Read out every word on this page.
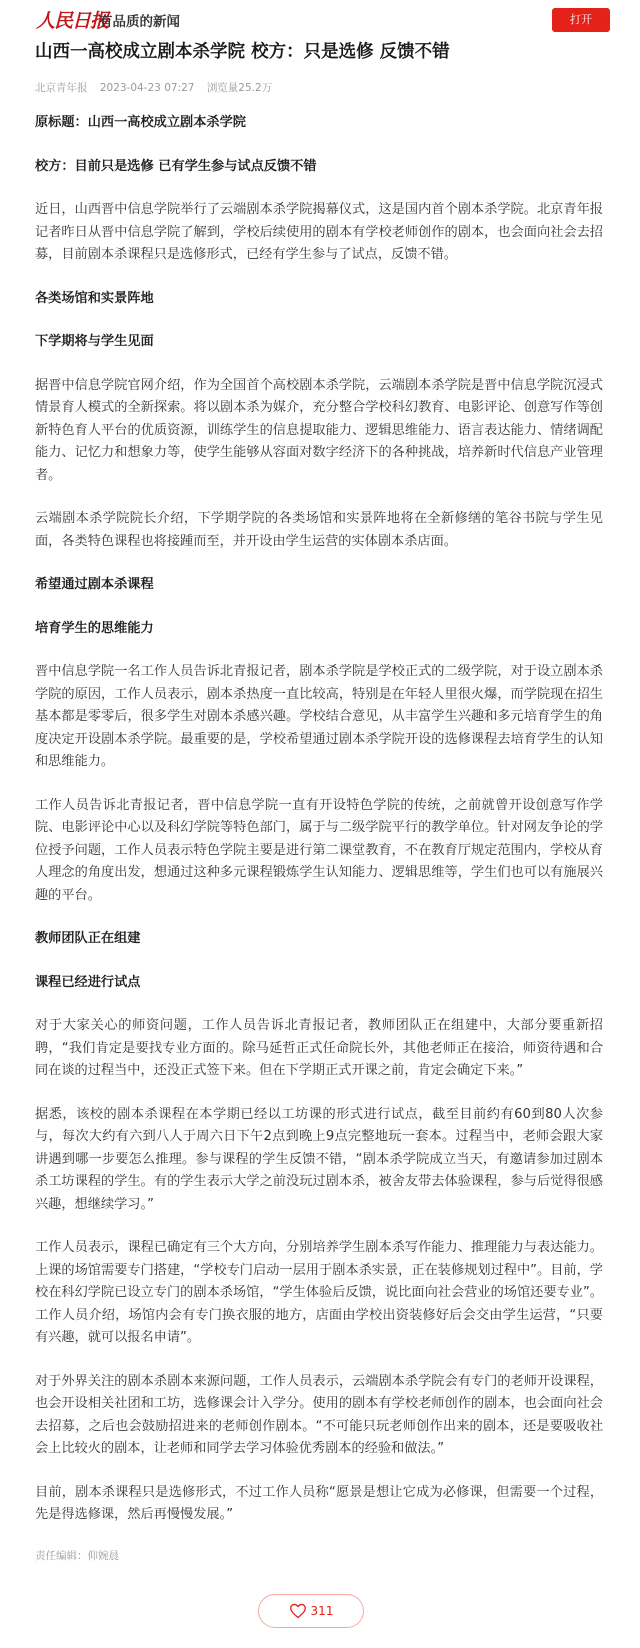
人民日报
有品质的新闻	打开
山西一高校成立剧本杀学院 校方：只是选修 反馈不错
北京青年报 2023-04-23 07:27 浏览量25.2万

原标题：山西一高校成立剧本杀学院

校方：目前只是选修 已有学生参与试点反馈不错

近日，山西晋中信息学院举行了云端剧本杀学院揭幕仪式，这是国内首个剧本杀学院。北京青年报记者昨日从晋中信息学院了解到，学校后续使用的剧本有学校老师创作的剧本，也会面向社会去招募，目前剧本杀课程只是选修形式，已经有学生参与了试点，反馈不错。

各类场馆和实景阵地

下学期将与学生见面

据晋中信息学院官网介绍，作为全国首个高校剧本杀学院，云端剧本杀学院是晋中信息学院沉浸式情景育人模式的全新探索。将以剧本杀为媒介，充分整合学校科幻教育、电影评论、创意写作等创新特色育人平台的优质资源，训练学生的信息提取能力、逻辑思维能力、语言表达能力、情绪调配能力、记忆力和想象力等，使学生能够从容面对数字经济下的各种挑战，培养新时代信息产业管理者。

云端剧本杀学院院长介绍，下学期学院的各类场馆和实景阵地将在全新修缮的笔谷书院与学生见面，各类特色课程也将接踵而至，并开设由学生运营的实体剧本杀店面。

希望通过剧本杀课程

培育学生的思维能力

晋中信息学院一名工作人员告诉北青报记者，剧本杀学院是学校正式的二级学院，对于设立剧本杀学院的原因，工作人员表示，剧本杀热度一直比较高，特别是在年轻人里很火爆，而学院现在招生基本都是零零后，很多学生对剧本杀感兴趣。学校结合意见，从丰富学生兴趣和多元培育学生的角度决定开设剧本杀学院。最重要的是，学校希望通过剧本杀学院开设的选修课程去培育学生的认知和思维能力。

工作人员告诉北青报记者，晋中信息学院一直有开设特色学院的传统，之前就曾开设创意写作学院、电影评论中心以及科幻学院等特色部门，属于与二级学院平行的教学单位。针对网友争论的学位授予问题，工作人员表示特色学院主要是进行第二课堂教育，不在教育厅规定范围内，学校从育人理念的角度出发，想通过这种多元课程锻炼学生认知能力、逻辑思维等，学生们也可以有施展兴趣的平台。

教师团队正在组建

课程已经进行试点

对于大家关心的师资问题，工作人员告诉北青报记者，教师团队正在组建中，大部分要重新招聘，“我们肯定是要找专业方面的。除马延哲正式任命院长外，其他老师正在接洽，师资待遇和合同在谈的过程当中，还没正式签下来。但在下学期正式开课之前，肯定会确定下来。”

据悉，该校的剧本杀课程在本学期已经以工坊课的形式进行试点，截至目前约有60到80人次参与，每次大约有六到八人于周六日下午2点到晚上9点完整地玩一套本。过程当中，老师会跟大家讲遇到哪一步要怎么推理。参与课程的学生反馈不错，“剧本杀学院成立当天，有邀请参加过剧本杀工坊课程的学生。有的学生表示大学之前没玩过剧本杀，被舍友带去体验课程，参与后觉得很感兴趣，想继续学习。”

工作人员表示，课程已确定有三个大方向，分别培养学生剧本杀写作能力、推理能力与表达能力。上课的场馆需要专门搭建，“学校专门启动一层用于剧本杀实景，正在装修规划过程中”。目前，学校在科幻学院已设立专门的剧本杀场馆，“学生体验后反馈，说比面向社会营业的场馆还要专业”。工作人员介绍，场馆内会有专门换衣服的地方，店面由学校出资装修好后会交由学生运营，“只要有兴趣，就可以报名申请”。

对于外界关注的剧本杀剧本来源问题，工作人员表示，云端剧本杀学院会有专门的老师开设课程，也会开设相关社团和工坊，选修课会计入学分。使用的剧本有学校老师创作的剧本，也会面向社会去招募，之后也会鼓励招进来的老师创作剧本。“不可能只玩老师创作出来的剧本，还是要吸收社会上比较火的剧本，让老师和同学去学习体验优秀剧本的经验和做法。”

目前，剧本杀课程只是选修形式，不过工作人员称“愿景是想让它成为必修课，但需要一个过程，先是得选修课，然后再慢慢发展。”

责任编辑：仰婉晨

311
